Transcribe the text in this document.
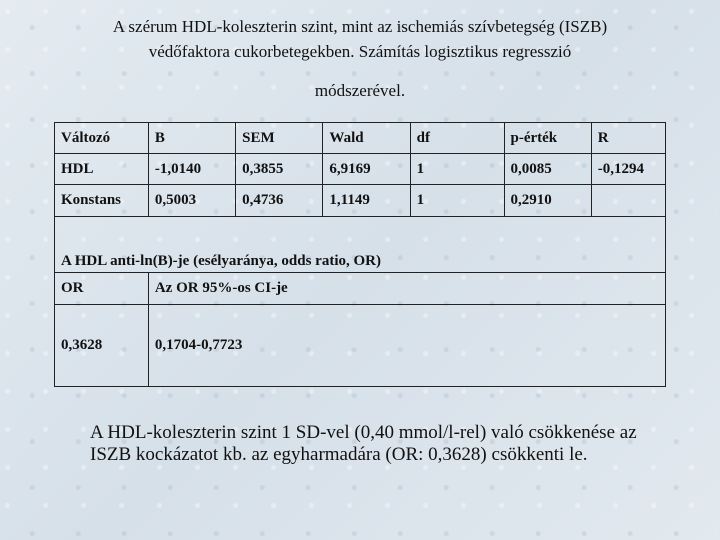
A szérum HDL-koleszterin szint, mint az ischemiás szívbetegség (ISZB)
védőfaktora cukorbetegekben. Számítás logisztikus regresszió
módszerével.
Változó	B	SEM	Wald	df	p-érték	R
HDL	-1,0140	0,3855	6,9169	1	0,0085	-0,1294
Konstans	0,5003	0,4736	1,1149	1	0,2910	
A HDL anti-ln(B)-je (esélyaránya, odds ratio, OR)						
OR	Az OR 95%-os CI-je					
0,3628	0,1704-0,7723					
A HDL-koleszterin szint 1 SD-vel (0,40 mmol/l-rel) való csökkenése az ISZB kockázatot kb. az egyharmadára (OR: 0,3628) csökkenti le.
